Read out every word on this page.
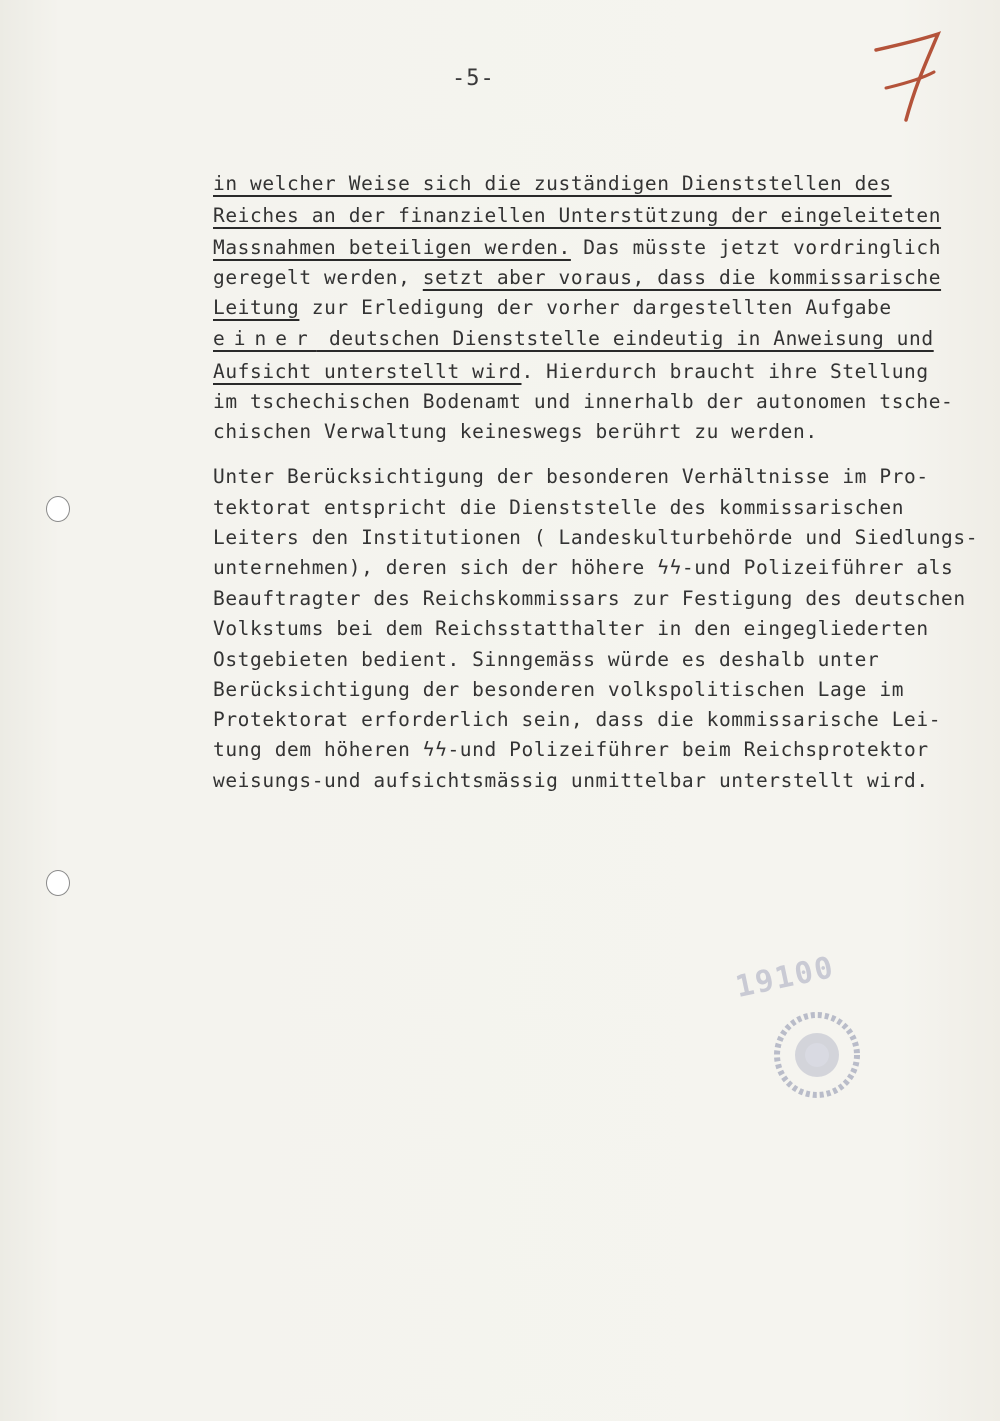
-5-
in welcher Weise sich die zuständigen Dienststellen des
Reiches an der finanziellen Unterstützung der eingeleiteten
Massnahmen beteiligen werden. Das müsste jetzt vordringlich
geregelt werden, setzt aber voraus, dass die kommissarische
Leitung zur Erledigung der vorher dargestellten Aufgabe
einer deutschen Dienststelle eindeutig in Anweisung und
Aufsicht unterstellt wird. Hierdurch braucht ihre Stellung
im tschechischen Bodenamt und innerhalb der autonomen tsche-
chischen Verwaltung keineswegs berührt zu werden.
Unter Berücksichtigung der besonderen Verhältnisse im Pro-
tektorat entspricht die Dienststelle des kommissarischen
Leiters den Institutionen ( Landeskulturbehörde und Siedlungs-
unternehmen), deren sich der höhere ϟϟ-und Polizeiführer als
Beauftragter des Reichskommissars zur Festigung des deutschen
Volkstums bei dem Reichsstatthalter in den eingegliederten
Ostgebieten bedient. Sinngemäss würde es deshalb unter
Berücksichtigung der besonderen volkspolitischen Lage im
Protektorat erforderlich sein, dass die kommissarische Lei-
tung dem höheren ϟϟ-und Polizeiführer beim Reichsprotektor
weisungs-und aufsichtsmässig unmittelbar unterstellt wird.
19100
